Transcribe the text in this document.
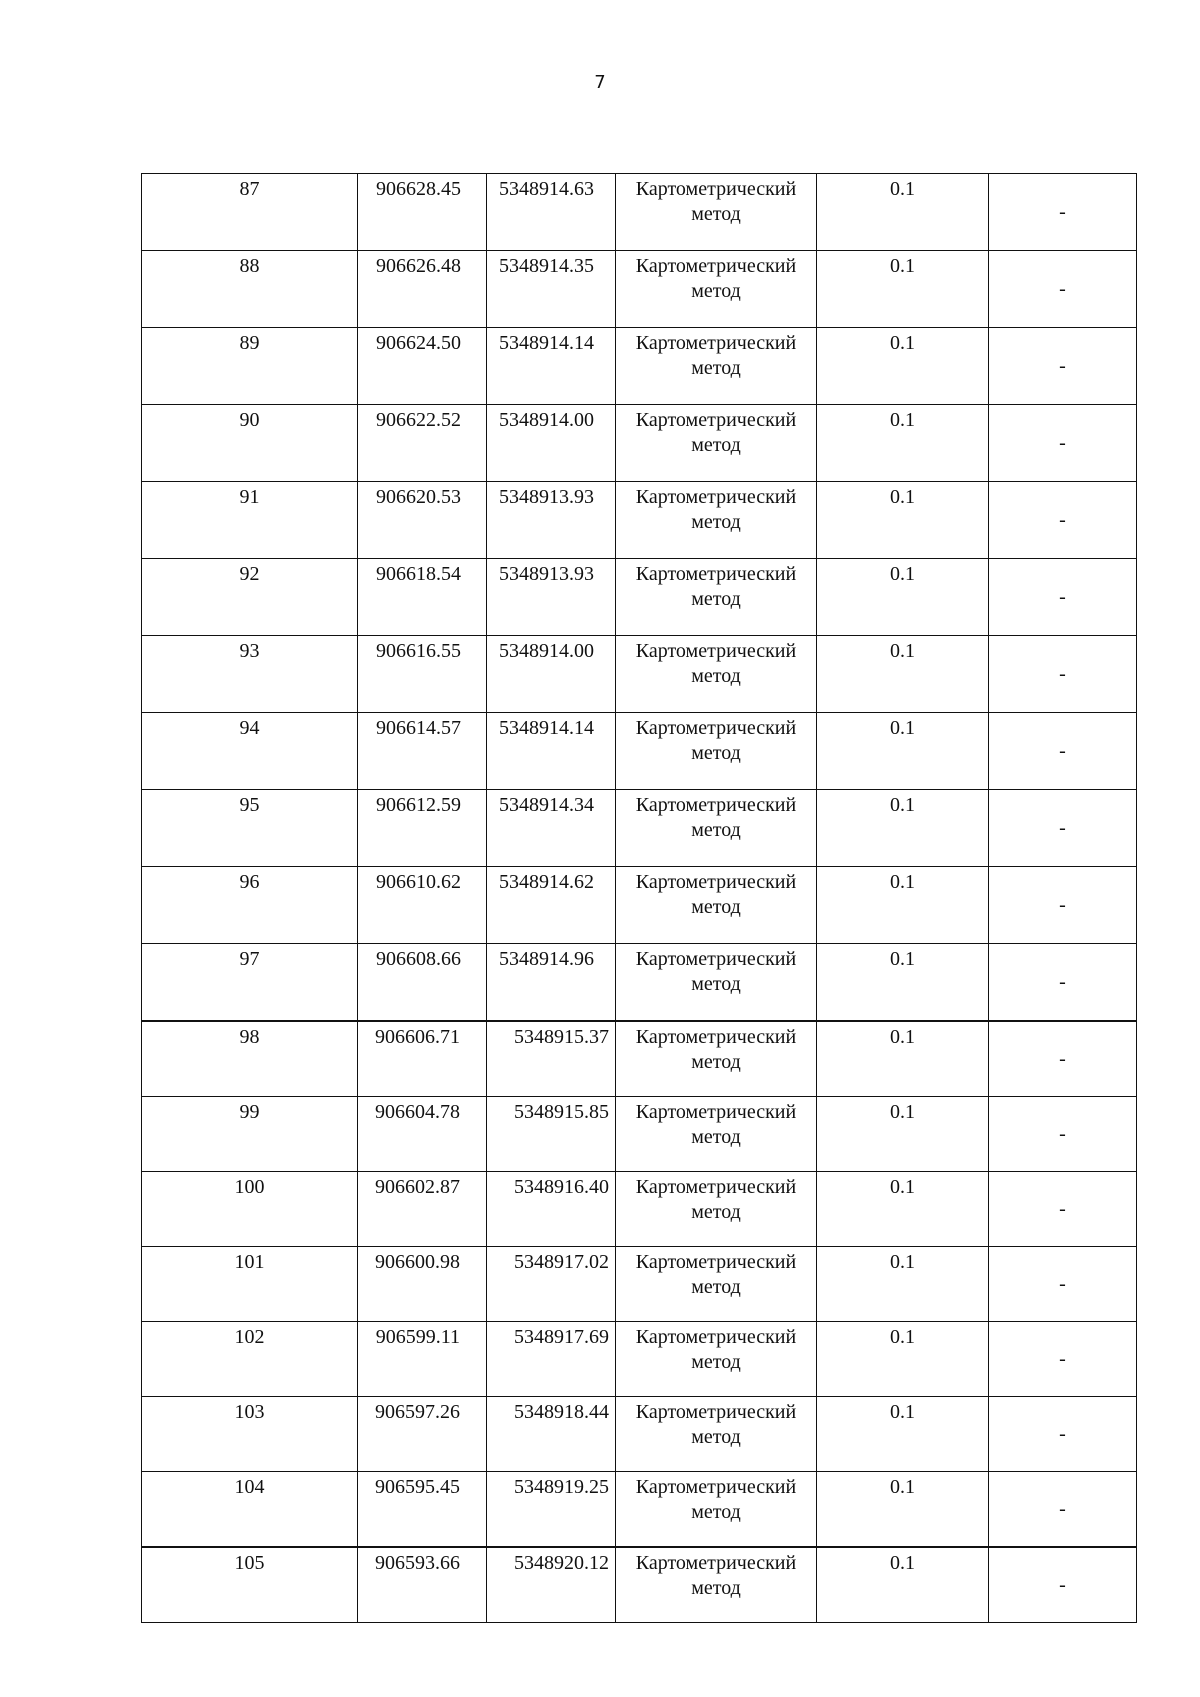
7
87	906628.45	5348914.63	Картометрический метод	0.1	-
88	906626.48	5348914.35	Картометрический метод	0.1	-
89	906624.50	5348914.14	Картометрический метод	0.1	-
90	906622.52	5348914.00	Картометрический метод	0.1	-
91	906620.53	5348913.93	Картометрический метод	0.1	-
92	906618.54	5348913.93	Картометрический метод	0.1	-
93	906616.55	5348914.00	Картометрический метод	0.1	-
94	906614.57	5348914.14	Картометрический метод	0.1	-
95	906612.59	5348914.34	Картометрический метод	0.1	-
96	906610.62	5348914.62	Картометрический метод	0.1	-
97	906608.66	5348914.96	Картометрический метод	0.1	-
98	906606.71	5348915.37	Картометрический метод	0.1	-
99	906604.78	5348915.85	Картометрический метод	0.1	-
100	906602.87	5348916.40	Картометрический метод	0.1	-
101	906600.98	5348917.02	Картометрический метод	0.1	-
102	906599.11	5348917.69	Картометрический метод	0.1	-
103	906597.26	5348918.44	Картометрический метод	0.1	-
104	906595.45	5348919.25	Картометрический метод	0.1	-
105	906593.66	5348920.12	Картометрический метод	0.1	-
